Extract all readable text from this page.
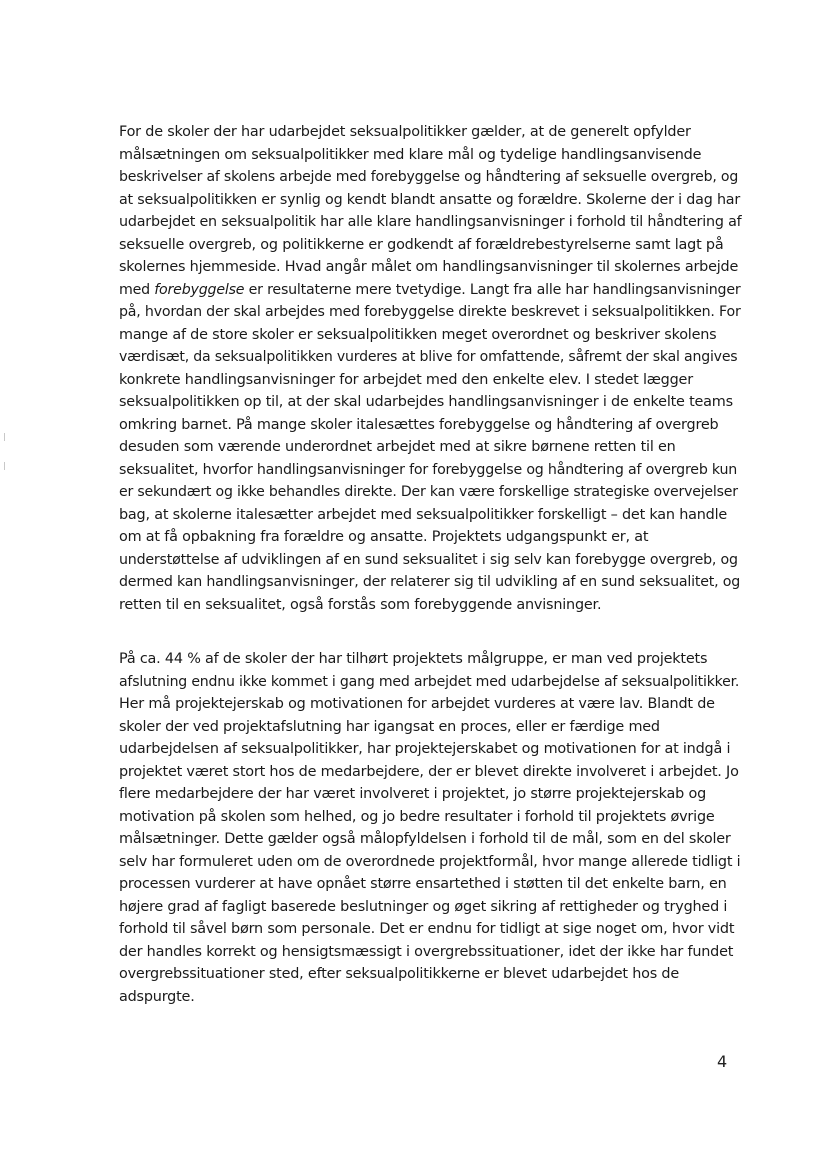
For de skoler der har udarbejdet seksualpolitikker gælder, at de generelt opfylder
målsætningen om seksualpolitikker med klare mål og tydelige handlingsanvisende
beskrivelser af skolens arbejde med forebyggelse og håndtering af seksuelle overgreb, og
at seksualpolitikken er synlig og kendt blandt ansatte og forældre. Skolerne der i dag har
udarbejdet en seksualpolitik har alle klare handlingsanvisninger i forhold til håndtering af
seksuelle overgreb, og politikkerne er godkendt af forældrebestyrelserne samt lagt på
skolernes hjemmeside. Hvad angår målet om handlingsanvisninger til skolernes arbejde
med forebyggelse er resultaterne mere tvetydige. Langt fra alle har handlingsanvisninger
på, hvordan der skal arbejdes med forebyggelse direkte beskrevet i seksualpolitikken. For
mange af de store skoler er seksualpolitikken meget overordnet og beskriver skolens
værdisæt, da seksualpolitikken vurderes at blive for omfattende, såfremt der skal angives
konkrete handlingsanvisninger for arbejdet med den enkelte elev. I stedet lægger
seksualpolitikken op til, at der skal udarbejdes handlingsanvisninger i de enkelte teams
omkring barnet. På mange skoler italesættes forebyggelse og håndtering af overgreb
desuden som værende underordnet arbejdet med at sikre børnene retten til en
seksualitet, hvorfor handlingsanvisninger for forebyggelse og håndtering af overgreb kun
er sekundært og ikke behandles direkte. Der kan være forskellige strategiske overvejelser
bag, at skolerne italesætter arbejdet med seksualpolitikker forskelligt – det kan handle
om at få opbakning fra forældre og ansatte. Projektets udgangspunkt er, at
understøttelse af udviklingen af en sund seksualitet i sig selv kan forebygge overgreb, og
dermed kan handlingsanvisninger, der relaterer sig til udvikling af en sund seksualitet, og
retten til en seksualitet, også forstås som forebyggende anvisninger.
På ca. 44 % af de skoler der har tilhørt projektets målgruppe, er man ved projektets
afslutning endnu ikke kommet i gang med arbejdet med udarbejdelse af seksualpolitikker.
Her må projektejerskab og motivationen for arbejdet vurderes at være lav. Blandt de
skoler der ved projektafslutning har igangsat en proces, eller er færdige med
udarbejdelsen af seksualpolitikker, har projektejerskabet og motivationen for at indgå i
projektet været stort hos de medarbejdere, der er blevet direkte involveret i arbejdet. Jo
flere medarbejdere der har været involveret i projektet, jo større projektejerskab og
motivation på skolen som helhed, og jo bedre resultater i forhold til projektets øvrige
målsætninger. Dette gælder også målopfyldelsen i forhold til de mål, som en del skoler
selv har formuleret uden om de overordnede projektformål, hvor mange allerede tidligt i
processen vurderer at have opnået større ensartethed i støtten til det enkelte barn, en
højere grad af fagligt baserede beslutninger og øget sikring af rettigheder og tryghed i
forhold til såvel børn som personale. Det er endnu for tidligt at sige noget om, hvor vidt
der handles korrekt og hensigtsmæssigt i overgrebssituationer, idet der ikke har fundet
overgrebssituationer sted, efter seksualpolitikkerne er blevet udarbejdet hos de
adspurgte.
4
